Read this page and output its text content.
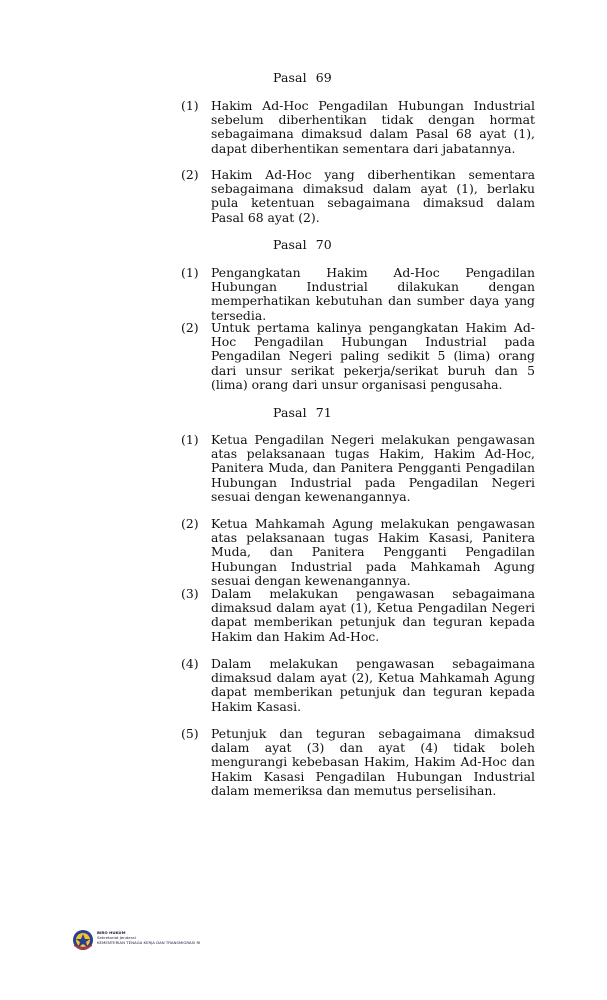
Pasal 69

(1)	Hakim Ad-Hoc Pengadilan Hubungan Industrial sebelum diberhentikan tidak dengan hormat sebagaimana dimaksud dalam Pasal 68 ayat (1), dapat diberhentikan sementara dari jabatannya.
(2)	Hakim Ad-Hoc yang diberhentikan sementara sebagaimana dimaksud dalam ayat (1), berlaku pula ketentuan sebagaimana dimaksud dalam Pasal 68 ayat (2).

Pasal 70

(1)	Pengangkatan Hakim Ad-Hoc Pengadilan Hubungan Industrial dilakukan dengan memperhatikan kebutuhan dan sumber daya yang tersedia.
(2)	Untuk pertama kalinya pengangkatan Hakim Ad-Hoc Pengadilan Hubungan Industrial pada Pengadilan Negeri paling sedikit 5 (lima) orang dari unsur serikat pekerja/serikat buruh dan 5 (lima) orang dari unsur organisasi pengusaha.

Pasal 71

(1)	Ketua Pengadilan Negeri melakukan pengawasan atas pelaksanaan tugas Hakim, Hakim Ad-Hoc, Panitera Muda, dan Panitera Pengganti Pengadilan Hubungan Industrial pada Pengadilan Negeri sesuai dengan kewenangannya.
(2)	Ketua Mahkamah Agung melakukan pengawasan atas pelaksanaan tugas Hakim Kasasi, Panitera Muda, dan Panitera Pengganti Pengadilan Hubungan Industrial pada Mahkamah Agung sesuai dengan kewenangannya.
(3)	Dalam melakukan pengawasan sebagaimana dimaksud dalam ayat (1), Ketua Pengadilan Negeri dapat memberikan petunjuk dan teguran kepada Hakim dan Hakim Ad-Hoc.
(4)	Dalam melakukan pengawasan sebagaimana dimaksud dalam ayat (2), Ketua Mahkamah Agung dapat memberikan petunjuk dan teguran kepada Hakim Kasasi.
(5)	Petunjuk dan teguran sebagaimana dimaksud dalam ayat (3) dan ayat (4) tidak boleh mengurangi kebebasan Hakim, Hakim Ad-Hoc dan Hakim Kasasi Pengadilan Hubungan Industrial dalam memeriksa dan memutus perselisihan.
BIRO HUKUM
Sekretariat Jenderal
KEMENTERIAN TENAGA KERJA DAN TRANSMIGRASI RI
